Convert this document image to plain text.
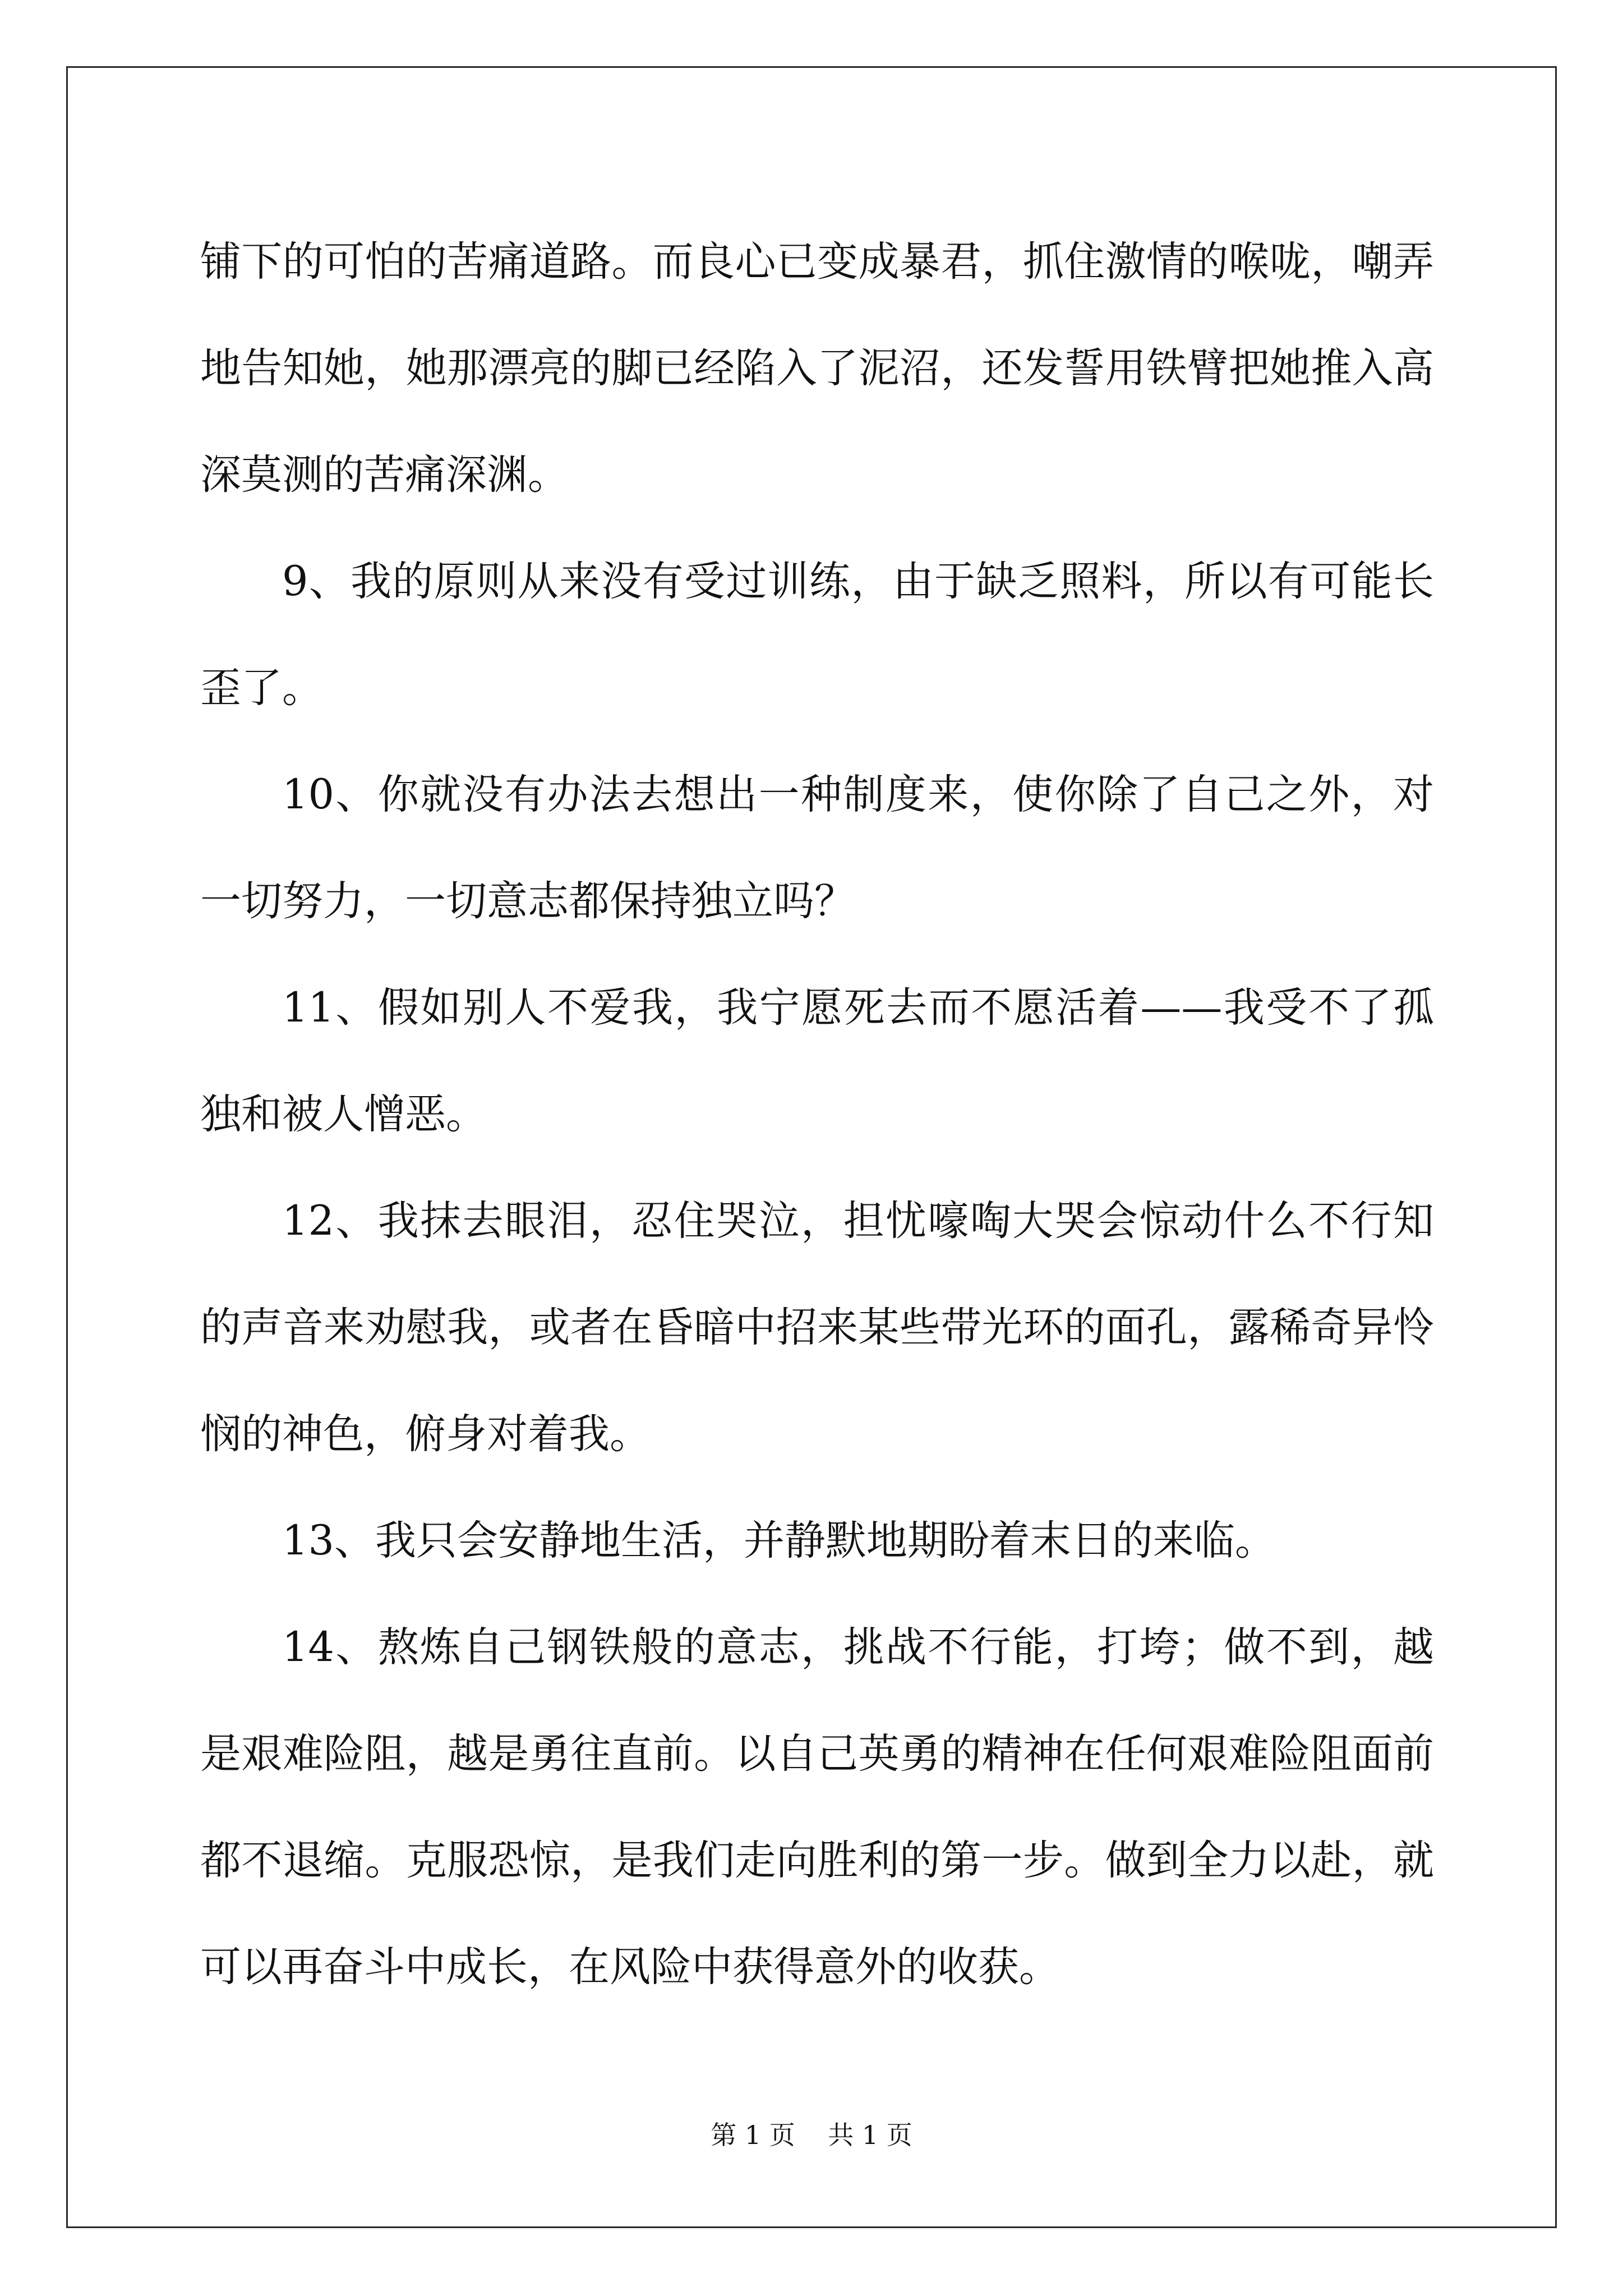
铺下的可怕的苦痛道路。而良心已变成暴君，抓住激情的喉咙，嘲弄地告知她，她那漂亮的脚已经陷入了泥沼，还发誓用铁臂把她推入高深莫测的苦痛深渊。

9、我的原则从来没有受过训练，由于缺乏照料，所以有可能长歪了。

10、你就没有办法去想出一种制度来，使你除了自己之外，对一切努力，一切意志都保持独立吗？

11、假如别人不爱我，我宁愿死去而不愿活着——我受不了孤独和被人憎恶。

12、我抹去眼泪，忍住哭泣，担忧嚎啕大哭会惊动什么不行知的声音来劝慰我，或者在昏暗中招来某些带光环的面孔，露稀奇异怜悯的神色，俯身对着我。

13、我只会安静地生活，并静默地期盼着末日的来临。

14、熬炼自己钢铁般的意志，挑战不行能，打垮；做不到，越是艰难险阻，越是勇往直前。以自己英勇的精神在任何艰难险阻面前都不退缩。克服恐惊，是我们走向胜利的第一步。做到全力以赴，就可以再奋斗中成长，在风险中获得意外的收获。

第 1 页    共 1 页
